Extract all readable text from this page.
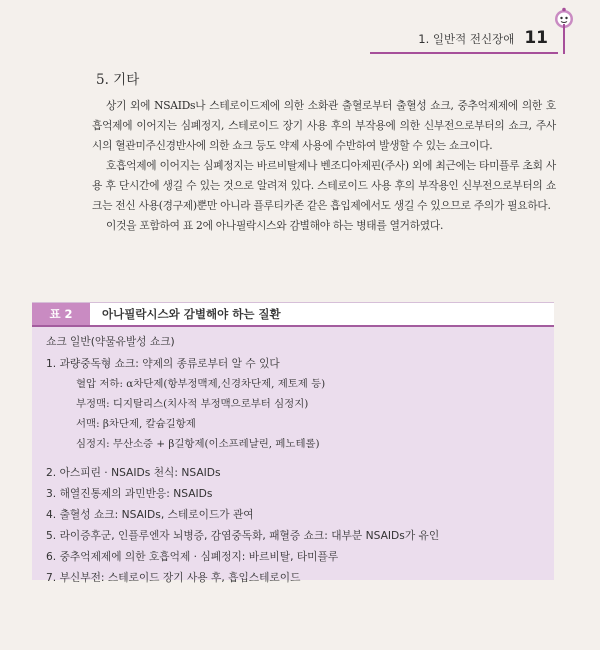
1. 일반적 전신장애 11
5. 기타

상기 외에 NSAIDs나 스테로이드제에 의한 소화관 출혈로부터 출혈성 쇼크, 중추억제제에 의한 호흡억제에 이어지는 심폐정지, 스테로이드 장기 사용 후의 부작용에 의한 신부전으로부터의 쇼크, 주사 시의 혈관미주신경반사에 의한 쇼크 등도 약제 사용에 수반하여 발생할 수 있는 쇼크이다.

호흡억제에 이어지는 심폐정지는 바르비탈제나 벤조디아제핀(주사) 외에 최근에는 타미플루 초회 사용 후 단시간에 생길 수 있는 것으로 알려져 있다. 스테로이드 사용 후의 부작용인 신부전으로부터의 쇼크는 전신 사용(경구제)뿐만 아니라 플루티카존 같은 흡입제에서도 생길 수 있으므로 주의가 필요하다.

이것을 포함하여 표 2에 아나필락시스와 감별해야 하는 병태를 열거하였다.

표 2	아나필락시스와 감별해야 하는 질환
쇼크 일반(약물유발성 쇼크)
1. 과량중독형 쇼크: 약제의 종류로부터 알 수 있다
혈압 저하: α차단제(항부정맥제,신경차단제, 제토제 등)
부정맥: 디지탈리스(치사적 부정맥으로부터 심정지)
서맥: β차단제, 칼슘길항제
심정지: 무산소증 + β길항제(이소프레날린, 페노테롤)
2. 아스피린 · NSAIDs 천식: NSAIDs
3. 해열진통제의 과민반응: NSAIDs
4. 출혈성 쇼크: NSAIDs, 스테로이드가 관여
5. 라이증후군, 인플루엔자 뇌병증, 감염중독화, 패혈증 쇼크: 대부분 NSAIDs가 유인
6. 중추억제제에 의한 호흡억제 · 심폐정지: 바르비탈, 타미플루
7. 부신부전: 스테로이드 장기 사용 후, 흡입스테로이드
